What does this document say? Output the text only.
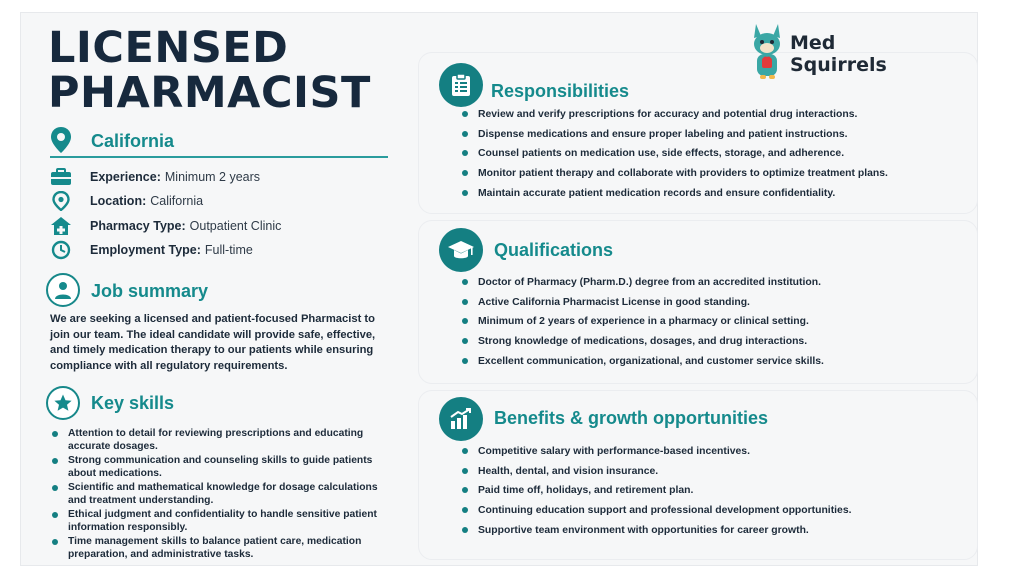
LICENSED
PHARMACIST
Med
Squirrels
California
Experience: Minimum 2 years
Location: California
Pharmacy Type: Outpatient Clinic
Employment Type: Full-time
Job summary
We are seeking a licensed and patient-focused Pharmacist to join our team. The ideal candidate will provide safe, effective, and timely medication therapy to our patients while ensuring compliance with all regulatory requirements.
Key skills
Attention to detail for reviewing prescriptions and educating accurate dosages.
Strong communication and counseling skills to guide patients about medications.
Scientific and mathematical knowledge for dosage calculations and treatment understanding.
Ethical judgment and confidentiality to handle sensitive patient information responsibly.
Time management skills to balance patient care, medication preparation, and administrative tasks.
Responsibilities
Review and verify prescriptions for accuracy and potential drug interactions.
Dispense medications and ensure proper labeling and patient instructions.
Counsel patients on medication use, side effects, storage, and adherence.
Monitor patient therapy and collaborate with providers to optimize treatment plans.
Maintain accurate patient medication records and ensure confidentiality.
Qualifications
Doctor of Pharmacy (Pharm.D.) degree from an accredited institution.
Active California Pharmacist License in good standing.
Minimum of 2 years of experience in a pharmacy or clinical setting.
Strong knowledge of medications, dosages, and drug interactions.
Excellent communication, organizational, and customer service skills.
Benefits & growth opportunities
Competitive salary with performance-based incentives.
Health, dental, and vision insurance.
Paid time off, holidays, and retirement plan.
Continuing education support and professional development opportunities.
Supportive team environment with opportunities for career growth.
